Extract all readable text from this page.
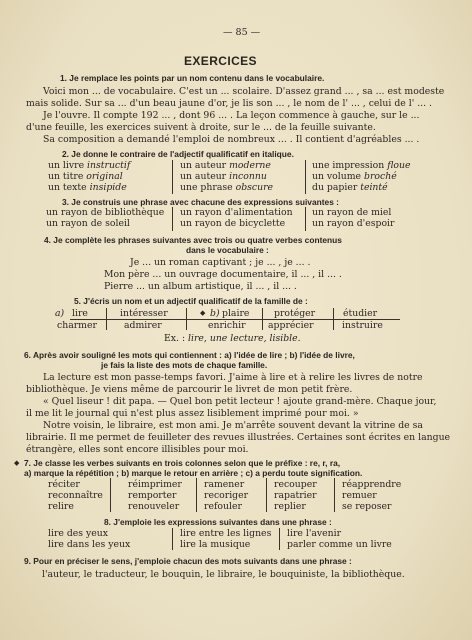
— 85 —
EXERCICES
1. Je remplace les points par un nom contenu dans le vocabulaire.
Voici mon ... de vocabulaire. C'est un ... scolaire. D'assez grand ... , sa ... est modeste
mais solide. Sur sa ... d'un beau jaune d'or, je lis son ... , le nom de l' ... , celui de l' ... .
Je l'ouvre. Il compte 192 ... , dont 96 ... . La leçon commence à gauche, sur le ...
d'une feuille, les exercices suivent à droite, sur le ... de la feuille suivante.
Sa composition a demandé l'emploi de nombreux ... . Il contient d'agréables ... .
2. Je donne le contraire de l'adjectif qualificatif en italique.
un livre instructif
un titre original
un texte insipide
un auteur moderne
un auteur inconnu
une phrase obscure
une impression floue
un volume broché
du papier teinté
3. Je construis une phrase avec chacune des expressions suivantes :
un rayon de bibliothèque
un rayon de soleil
un rayon d'alimentation
un rayon de bicyclette
un rayon de miel
un rayon d'espoir
4. Je complète les phrases suivantes avec trois ou quatre verbes contenus
dans le vocabulaire :
Je ... un roman captivant ; je ... , je ... .
Mon père ... un ouvrage documentaire, il ... , il ... .
Pierre ... un album artistique, il ... , il ... .
5. J'écris un nom et un adjectif qualificatif de la famille de :
a)	◆ b)
lire
charmer
intéresser
admirer
plaire
enrichir
protéger
apprécier
étudier
instruire
Ex. : lire, une lecture, lisible.
6. Après avoir souligné les mots qui contiennent : a) l'idée de lire ; b) l'idée de livre,
je fais la liste des mots de chaque famille.
La lecture est mon passe-temps favori. J'aime à lire et à relire les livres de notre
bibliothèque. Je viens même de parcourir le livret de mon petit frère.
« Quel liseur ! dit papa. — Quel bon petit lecteur ! ajoute grand-mère. Chaque jour,
il me lit le journal qui n'est plus assez lisiblement imprimé pour moi. »
Notre voisin, le libraire, est mon ami. Je m'arrête souvent devant la vitrine de sa
librairie. Il me permet de feuilleter des revues illustrées. Certaines sont écrites en langue
étrangère, elles sont encore illisibles pour moi.
◆ 7. Je classe les verbes suivants en trois colonnes selon que le préfixe : re, r, ra,
a) marque la répétition ; b) marque le retour en arrière ; c) a perdu toute signification.
réciter
reconnaître
relire
réimprimer
remporter
renouveler
ramener
recoriger
refouler
recouper
rapatrier
replier
réapprendre
remuer
se reposer
8. J'emploie les expressions suivantes dans une phrase :
lire des yeux
lire dans les yeux
lire entre les lignes
lire la musique
lire l'avenir
parler comme un livre
9. Pour en préciser le sens, j'emploie chacun des mots suivants dans une phrase :
l'auteur, le traducteur, le bouquin, le libraire, le bouquiniste, la bibliothèque.
